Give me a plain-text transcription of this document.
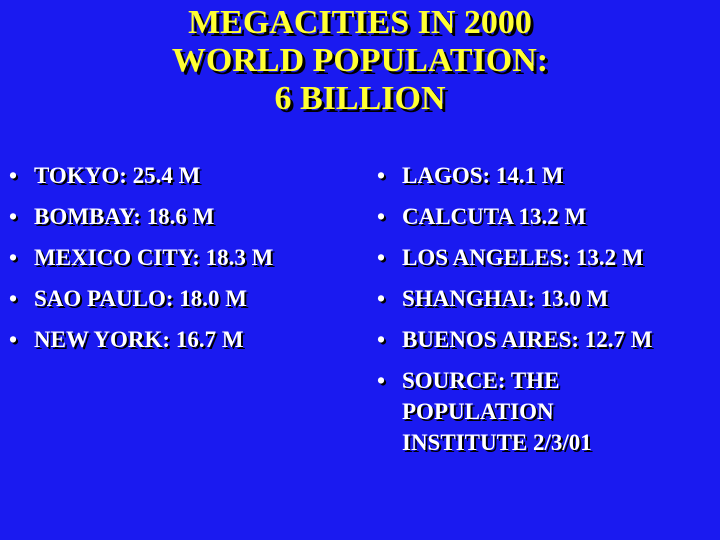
MEGACITIES IN 2000
WORLD POPULATION:
6 BILLION
• TOKYO: 25.4 M
• BOMBAY: 18.6 M
• MEXICO CITY: 18.3 M
• SAO PAULO: 18.0 M
• NEW YORK: 16.7 M
• LAGOS: 14.1 M
• CALCUTA 13.2 M
• LOS ANGELES: 13.2 M
• SHANGHAI: 13.0 M
• BUENOS AIRES: 12.7 M
• SOURCE: THE POPULATION INSTITUTE 2/3/01
